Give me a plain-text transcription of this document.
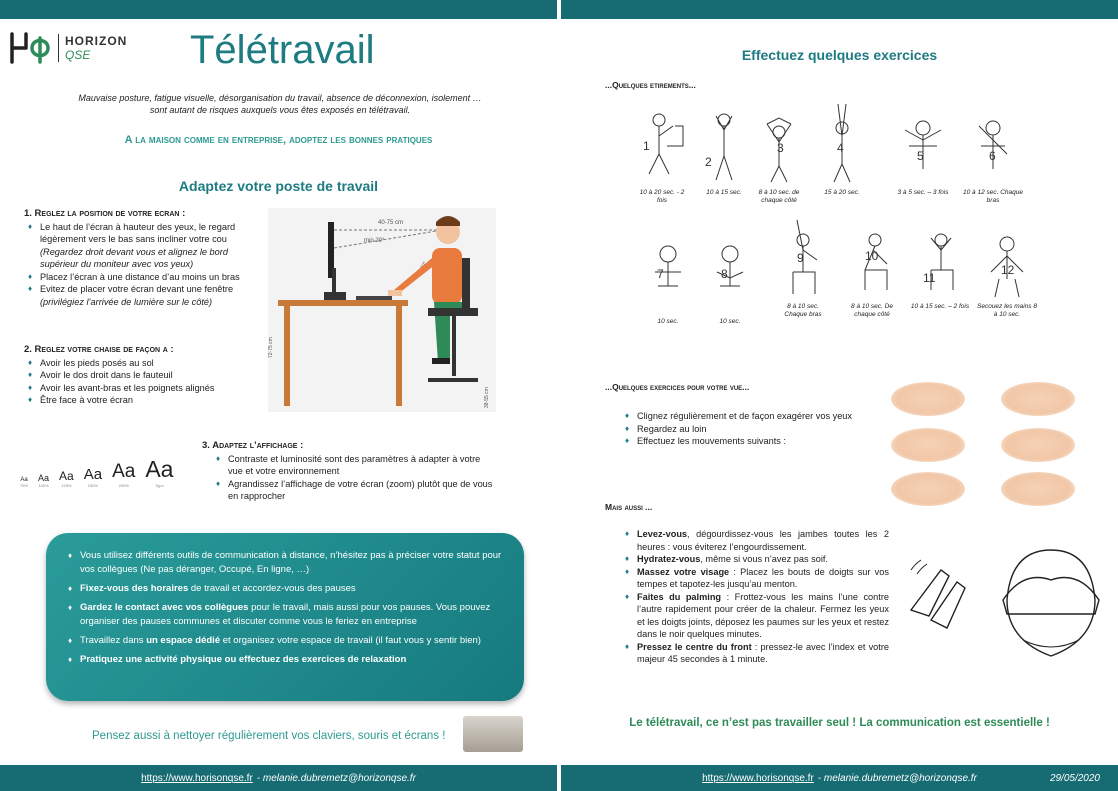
HORIZON
QSE	Télétravail
Mauvaise posture, fatigue visuelle, désorganisation du travail, absence de déconnexion, isolement …
sont autant de risques auxquels vous êtes exposés en télétravail.
A la maison comme en entreprise, adoptez les bonnes pratiques
Adaptez votre poste de travail
1. Reglez la position de votre ecran :
♦ Le haut de l’écran à hauteur des yeux, le regard légèrement vers le bas sans incliner votre cou (Regardez droit devant vous et alignez le bord supérieur du moniteur avec vos yeux)
♦ Placez l’écran à une distance d’au moins un bras
♦ Evitez de placer votre écran devant une fenêtre (privilégiez l’arrivée de lumière sur le côté)
40-75 cm
min 20°
72-75 cm
38-55 cm
2. Reglez votre chaise de façon a :
♦ Avoir les pieds posés au sol
♦ Avoir le dos droit dans le fauteuil
♦ Avoir les avant-bras et les poignets alignés
♦ Être face à votre écran
Aa
75%
Aa
100%
Aa
125%
Aa
150%
Aa
200%
Aa
Typo
3. Adaptez l’affichage :
♦ Contraste et luminosité sont des paramètres à adapter à votre vue et votre environnement
♦ Agrandissez l’affichage de votre écran (zoom) plutôt que de vous en rapprocher
♦ Vous utilisez différents outils de communication à distance, n’hésitez pas à préciser votre statut pour vos collègues (Ne pas déranger, Occupé, En ligne, …)
♦ Fixez-vous des horaires de travail et accordez-vous des pauses
♦ Gardez le contact avec vos collègues pour le travail, mais aussi pour vos pauses. Vous pouvez organiser des pauses communes et discuter comme vous le feriez en entreprise
♦ Travaillez dans un espace dédié et organisez votre espace de travail (il faut vous y sentir bien)
♦ Pratiquez une activité physique ou effectuez des exercices de relaxation
Pensez aussi à nettoyer régulièrement vos claviers, souris et écrans !
https://www.horisonqse.fr - melanie.dubremetz@horizonqse.fr
Effectuez quelques exercices
...Quelques etirements...
1
10 à 20 sec. - 2 fois
2
10 à 15 sec.
3
8 à 10 sec. de chaque côté
4
15 à 20 sec.
5
3 à 5 sec. – 3 fois
6
10 à 12 sec. Chaque bras
7
10 sec.
8
10 sec.
9
8 à 10 sec. Chaque bras
10
8 à 10 sec. De chaque côté
11
10 à 15 sec. – 2 fois
12
Secouez les mains 8 à 10 sec.
...Quelques exercices pour votre vue...
♦ Clignez régulièrement et de façon exagérer vos yeux
♦ Regardez au loin
♦ Effectuez les mouvements suivants :
Mais aussi ...
♦ Levez-vous, dégourdissez-vous les jambes toutes les 2 heures : vous éviterez l’engourdissement.
♦ Hydratez-vous, même si vous n’avez pas soif.
♦ Massez votre visage : Placez les bouts de doigts sur vos tempes et tapotez-les jusqu’au menton.
♦ Faites du palming : Frottez-vous les mains l’une contre l’autre rapidement pour créer de la chaleur. Fermez les yeux et les doigts joints, déposez les paumes sur les yeux et restez dans le noir quelques minutes.
♦ Pressez le centre du front : pressez-le avec l’index et votre majeur 45 secondes à 1 minute.
Le télétravail, ce n’est pas travailler seul ! La communication est essentielle !
https://www.horisonqse.fr - melanie.dubremetz@horizonqse.fr	29/05/2020
